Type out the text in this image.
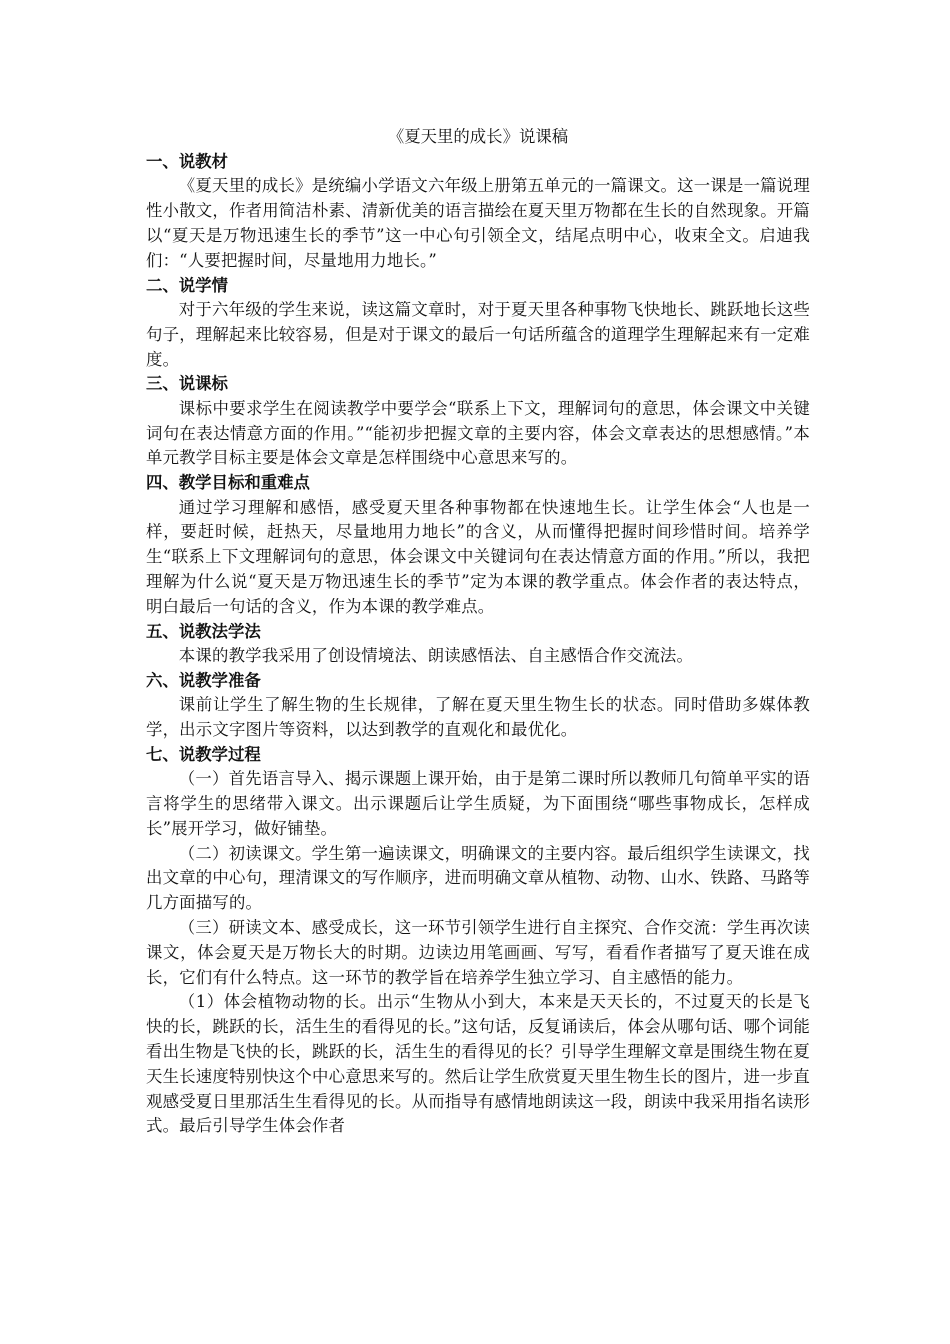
《夏天里的成长》说课稿

一、说教材

《夏天里的成长》是统编小学语文六年级上册第五单元的一篇课文。这一课是一篇说理性小散文，作者用简洁朴素、清新优美的语言描绘在夏天里万物都在生长的自然现象。开篇以“夏天是万物迅速生长的季节”这一中心句引领全文，结尾点明中心，收束全文。启迪我们：“人要把握时间，尽量地用力地长。”

二、说学情

对于六年级的学生来说，读这篇文章时，对于夏天里各种事物飞快地长、跳跃地长这些句子，理解起来比较容易，但是对于课文的最后一句话所蕴含的道理学生理解起来有一定难度。

三、说课标

课标中要求学生在阅读教学中要学会“联系上下文，理解词句的意思，体会课文中关键词句在表达情意方面的作用。”“能初步把握文章的主要内容，体会文章表达的思想感情。”本单元教学目标主要是体会文章是怎样围绕中心意思来写的。

四、教学目标和重难点

通过学习理解和感悟，感受夏天里各种事物都在快速地生长。让学生体会“人也是一样，要赶时候，赶热天，尽量地用力地长”的含义，从而懂得把握时间珍惜时间。培养学生“联系上下文理解词句的意思，体会课文中关键词句在表达情意方面的作用。”所以，我把理解为什么说“夏天是万物迅速生长的季节”定为本课的教学重点。体会作者的表达特点，明白最后一句话的含义，作为本课的教学难点。

五、说教法学法

本课的教学我采用了创设情境法、朗读感悟法、自主感悟合作交流法。

六、说教学准备

课前让学生了解生物的生长规律，了解在夏天里生物生长的状态。同时借助多媒体教学，出示文字图片等资料，以达到教学的直观化和最优化。

七、说教学过程

（一）首先语言导入、揭示课题上课开始，由于是第二课时所以教师几句简单平实的语言将学生的思绪带入课文。出示课题后让学生质疑，为下面围绕“哪些事物成长，怎样成长”展开学习，做好铺垫。

（二）初读课文。学生第一遍读课文，明确课文的主要内容。最后组织学生读课文，找出文章的中心句，理清课文的写作顺序，进而明确文章从植物、动物、山水、铁路、马路等几方面描写的。

（三）研读文本、感受成长，这一环节引领学生进行自主探究、合作交流：学生再次读课文，体会夏天是万物长大的时期。边读边用笔画画、写写，看看作者描写了夏天谁在成长，它们有什么特点。这一环节的教学旨在培养学生独立学习、自主感悟的能力。

（1）体会植物动物的长。出示“生物从小到大，本来是天天长的，不过夏天的长是飞快的长，跳跃的长，活生生的看得见的长。”这句话，反复诵读后，体会从哪句话、哪个词能看出生物是飞快的长，跳跃的长，活生生的看得见的长？引导学生理解文章是围绕生物在夏天生长速度特别快这个中心意思来写的。然后让学生欣赏夏天里生物生长的图片，进一步直观感受夏日里那活生生看得见的长。从而指导有感情地朗读这一段，朗读中我采用指名读形式。最后引导学生体会作者
